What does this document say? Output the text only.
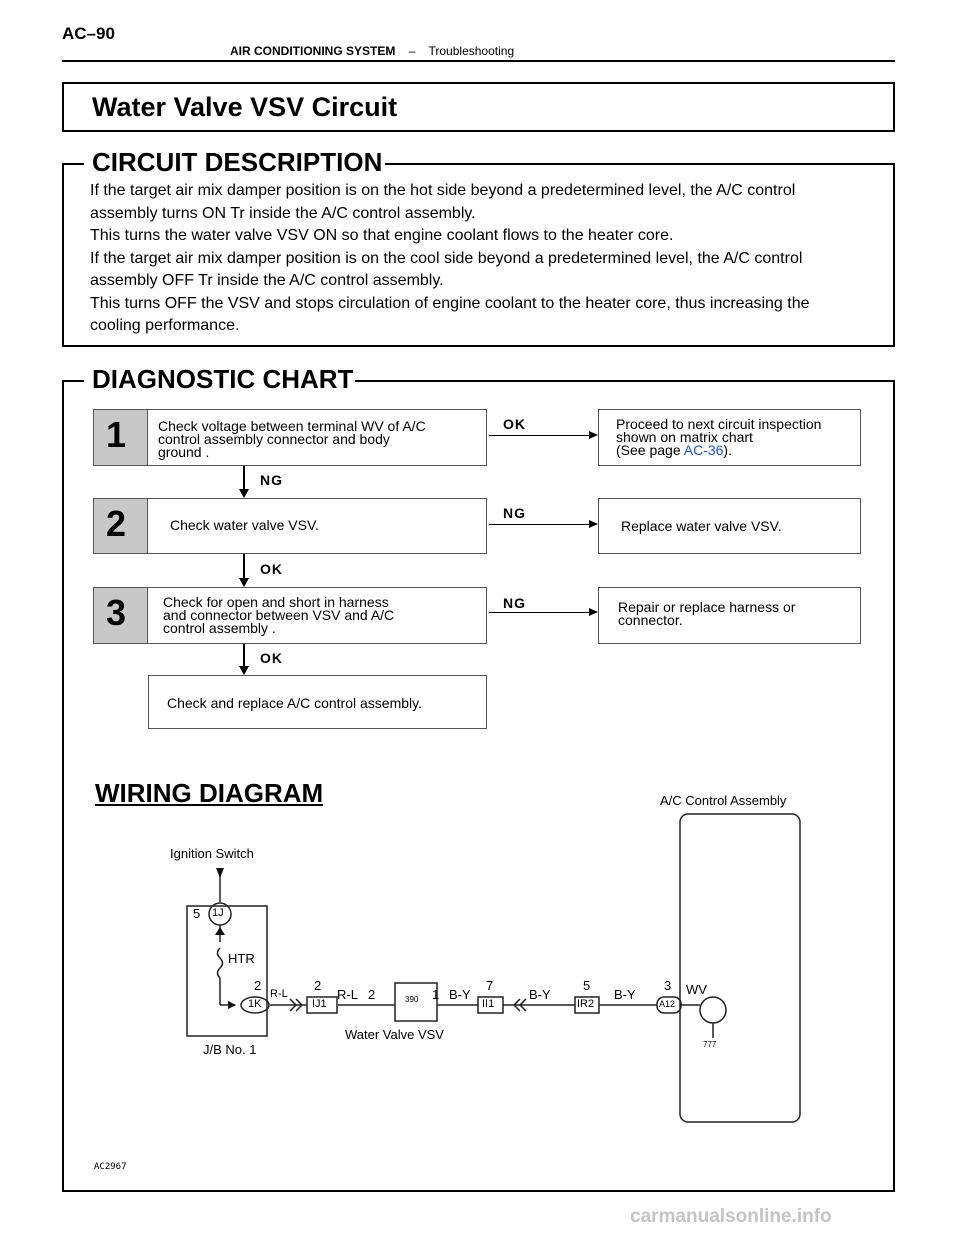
AC–90
AIR CONDITIONING SYSTEM – Troubleshooting
Water Valve VSV Circuit
CIRCUIT DESCRIPTION

If the target air mix damper position is on the hot side beyond a predetermined level, the A/C control

assembly turns ON Tr inside the A/C control assembly.

This turns the water valve VSV ON so that engine coolant flows to the heater core.

If the target air mix damper position is on the cool side beyond a predetermined level, the A/C control

assembly OFF Tr inside the A/C control assembly.

This turns OFF the VSV and stops circulation of engine coolant to the heater core, thus increasing the

cooling performance.

DIAGNOSTIC CHART
1 Check voltage between terminal WV of A/C

control assembly connector and body

ground .

2	Check water valve VSV.

3	Check for open and short in harness

and connector between VSV and A/C

control assembly .

Check and replace A/C control assembly.

Proceed to next circuit inspection

shown on matrix chart

(See page AC-36).

Replace water valve VSV.

Repair or replace harness or

connector.

OK
NG
NG
NG
OK
OK
WIRING DIAGRAM
Ignition Switch
A/C Control Assembly
5 1J
HTR
2
1K
J/B No. 1
R-L
2
IJ1
R-L 2	390 1 B-Y
7
II1
B-Y
5
IR2
B-Y
3
A12
WV
777
Water Valve VSV
AC2967
carmanualsonline.info
